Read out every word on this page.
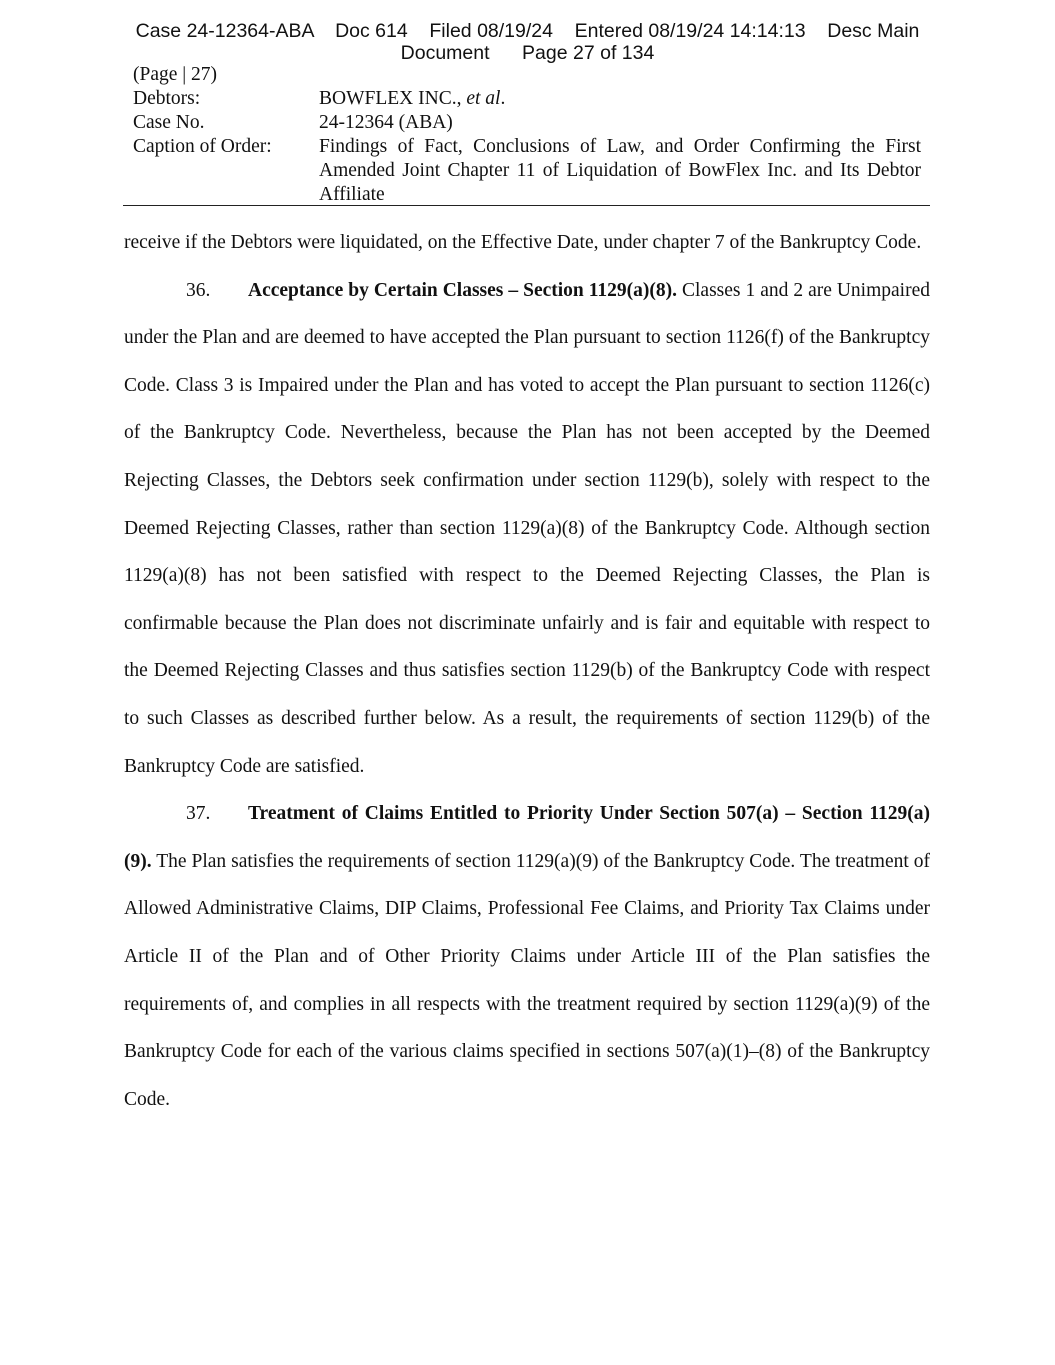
Case 24-12364-ABA    Doc 614    Filed 08/19/24    Entered 08/19/24 14:14:13    Desc Main
Document      Page 27 of 134
(Page | 27)
Debtors:	BOWFLEX INC., et al.
Case No.	24-12364 (ABA)
Caption of Order:	Findings of Fact, Conclusions of Law, and Order Confirming the First Amended Joint Chapter 11 of Liquidation of BowFlex Inc. and Its Debtor Affiliate

receive if the Debtors were liquidated, on the Effective Date, under chapter 7 of the Bankruptcy Code.

36. Acceptance by Certain Classes – Section 1129(a)(8). Classes 1 and 2 are Unimpaired under the Plan and are deemed to have accepted the Plan pursuant to section 1126(f) of the Bankruptcy Code. Class 3 is Impaired under the Plan and has voted to accept the Plan pursuant to section 1126(c) of the Bankruptcy Code. Nevertheless, because the Plan has not been accepted by the Deemed Rejecting Classes, the Debtors seek confirmation under section 1129(b), solely with respect to the Deemed Rejecting Classes, rather than section 1129(a)(8) of the Bankruptcy Code. Although section 1129(a)(8) has not been satisfied with respect to the Deemed Rejecting Classes, the Plan is confirmable because the Plan does not discriminate unfairly and is fair and equitable with respect to the Deemed Rejecting Classes and thus satisfies section 1129(b) of the Bankruptcy Code with respect to such Classes as described further below. As a result, the requirements of section 1129(b) of the Bankruptcy Code are satisfied.

37. Treatment of Claims Entitled to Priority Under Section 507(a) – Section 1129(a)(9). The Plan satisfies the requirements of section 1129(a)(9) of the Bankruptcy Code. The treatment of Allowed Administrative Claims, DIP Claims, Professional Fee Claims, and Priority Tax Claims under Article II of the Plan and of Other Priority Claims under Article III of the Plan satisfies the requirements of, and complies in all respects with the treatment required by section 1129(a)(9) of the Bankruptcy Code for each of the various claims specified in sections 507(a)(1)–(8) of the Bankruptcy Code.
